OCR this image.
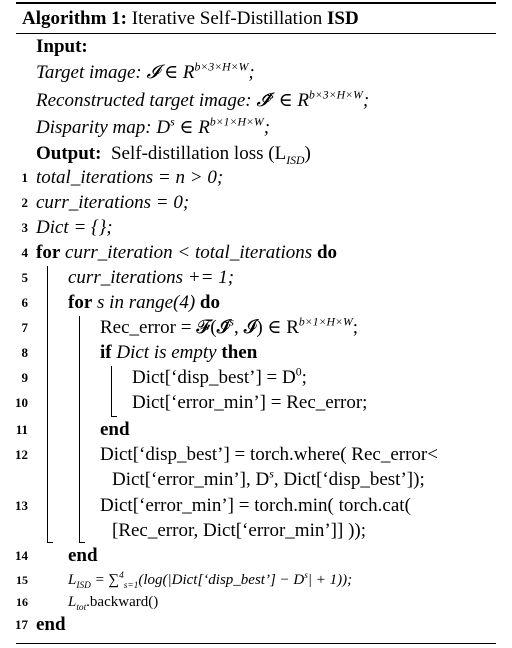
Algorithm 1: Iterative Self-Distillation ISD
Input:
Target image: 𝓘 ∈ $R^{b\times 3\times H\times W}$;
Reconstructed target image: 𝓘̃$^s$ ∈ $R^{b\times 3\times H\times W}$;
Disparity map: $D^s$ ∈ $R^{b\times 1\times H\times W}$;
Output: Self-distillation loss $(L_{ISD})$
1 total_iterations = n > 0;
2 curr_iterations = 0;
3 Dict = {};
4 for curr_iteration < total_iterations do
5 curr_iterations += 1;
6 for s in range(4) do
7	Rec_error = 𝓕(𝓘̃$^s$, 𝓘) ∈ $R^{b\times 1\times H\times W}$;
8	if Dict is empty then
9	Dict[‘disp_best’] = $D^0$;
10	Dict[‘error_min’] = Rec_error;
11	end
12	Dict[‘disp_best’] = torch.where( Rec_error<
Dict[‘error_min’], $D^s$, Dict[‘disp_best’]);
13	Dict[‘error_min’] = torch.min( torch.cat(
[Rec_error, Dict[‘error_min’]] ));
14 end
15	$L_{ISD}$ = ∑$^4_{s=1}$(log(|Dict[‘disp_best’] − $D^s| + 1$));
16	$L_{tot}.backward()$
17 end
